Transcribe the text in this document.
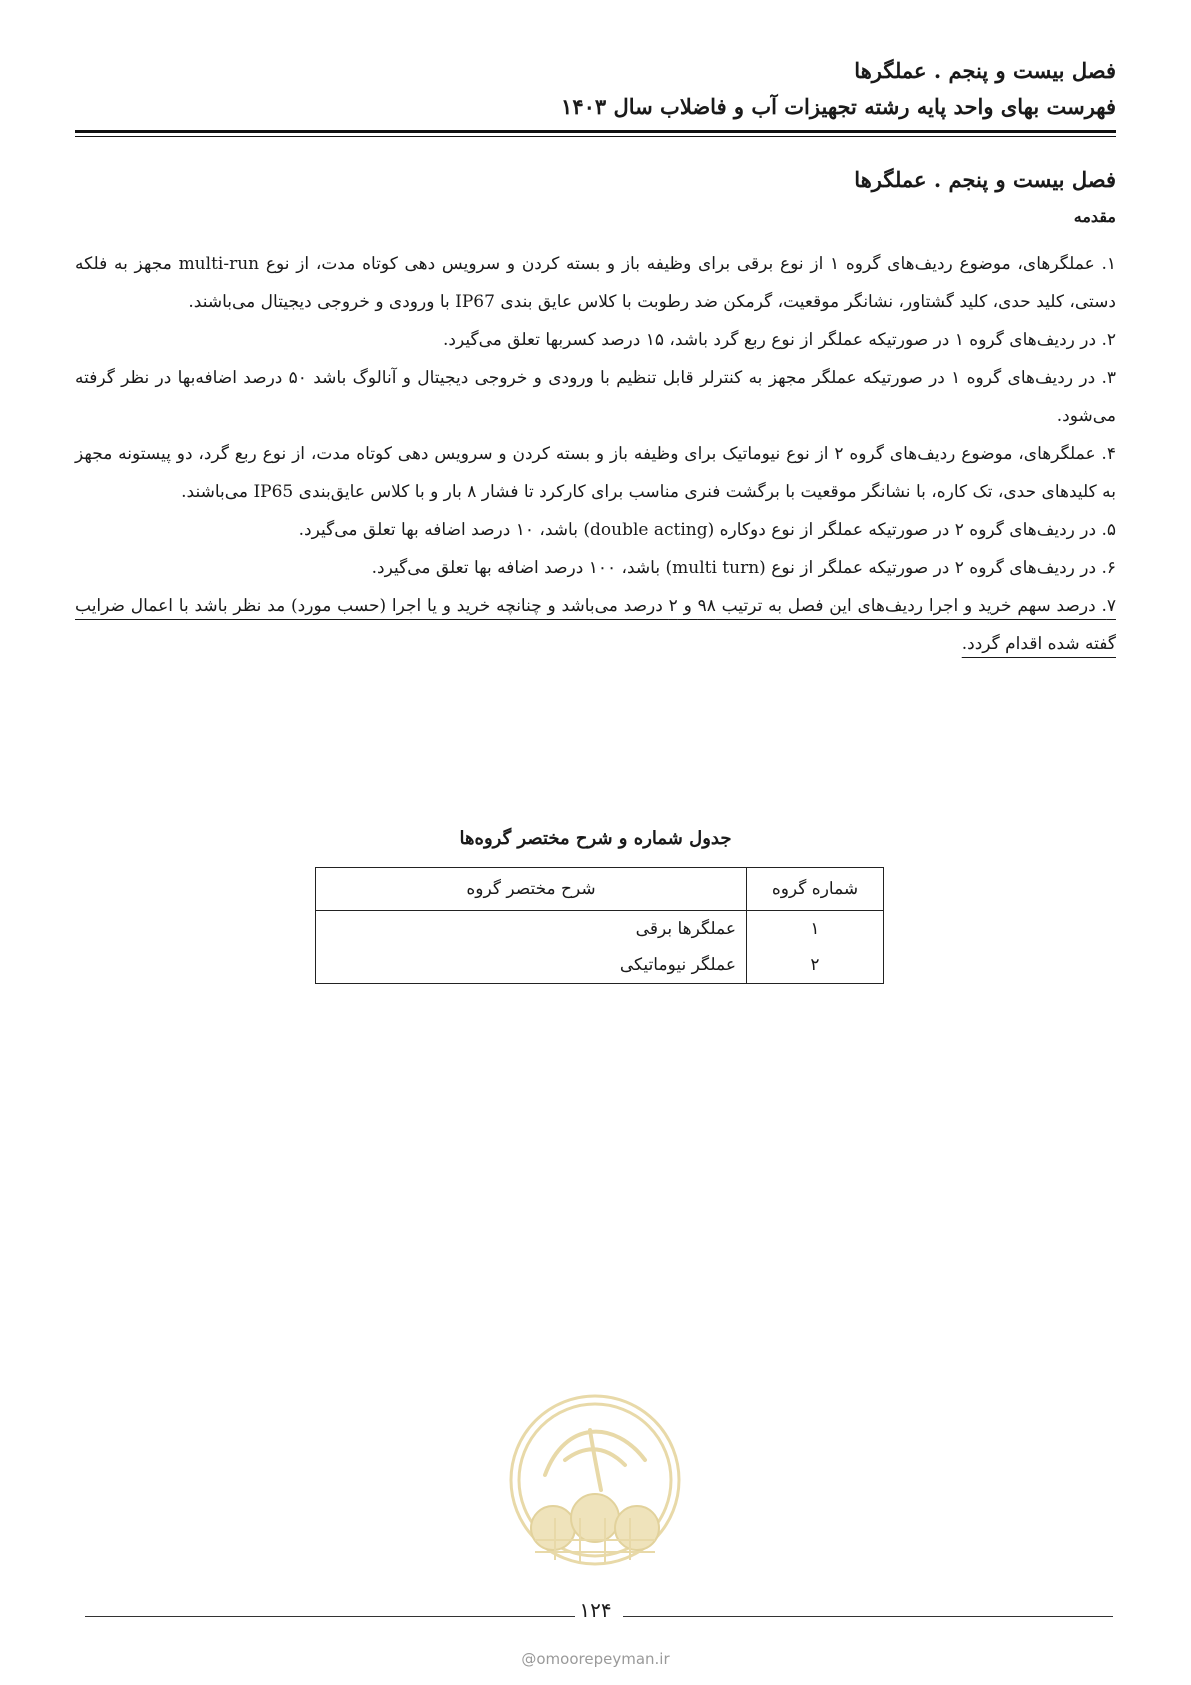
فصل بیست و پنجم . عملگرها
فهرست بهای واحد پایه رشته تجهیزات آب و فاضلاب سال ۱۴۰۳
فصل بیست و پنجم . عملگرها
مقدمه

۱. عملگرهای، موضوع ردیف‌های گروه ۱ از نوع برقی برای وظیفه باز و بسته کردن و سرویس دهی کوتاه مدت، از نوع multi-run مجهز به فلکه دستی، کلید حدی، کلید گشتاور، نشانگر موقعیت، گرمکن ضد رطوبت با کلاس عایق بندی IP67 با ورودی و خروجی دیجیتال می‌باشند.

۲. در ردیف‌های گروه ۱ در صورتیکه عملگر از نوع ربع گرد باشد، ۱۵ درصد کسربها تعلق می‌گیرد.

۳. در ردیف‌های گروه ۱ در صورتیکه عملگر مجهز به کنترلر قابل تنظیم با ورودی و خروجی دیجیتال و آنالوگ باشد ۵۰ درصد اضافه‌بها در نظر گرفته می‌شود.

۴. عملگرهای، موضوع ردیف‌های گروه ۲ از نوع نیوماتیک برای وظیفه باز و بسته کردن و سرویس دهی کوتاه مدت، از نوع ربع گرد، دو پیستونه مجهز به کلیدهای حدی، تک کاره، با نشانگر موقعیت با برگشت فنری مناسب برای کارکرد تا فشار ۸ بار و با کلاس عایق‌بندی IP65 می‌باشند.

۵. در ردیف‌های گروه ۲ در صورتیکه عملگر از نوع دوکاره (double acting) باشد، ۱۰ درصد اضافه بها تعلق می‌گیرد.

۶. در ردیف‌های گروه ۲ در صورتیکه عملگر از نوع (multi turn) باشد، ۱۰۰ درصد اضافه بها تعلق می‌گیرد.

۷. درصد سهم خرید و اجرا ردیف‌های این فصل به ترتیب ۹۸ و ۲ درصد می‌باشد و چنانچه خرید و یا اجرا (حسب مورد) مد نظر باشد با اعمال ضرایب گفته شده اقدام گردد.

جدول شماره و شرح مختصر گروه‌ها
شماره گروه	شرح مختصر گروه
۱	عملگرها برقی
۲	عملگر نیوماتیکی
۱۲۴
@omoorepeyman.ir
